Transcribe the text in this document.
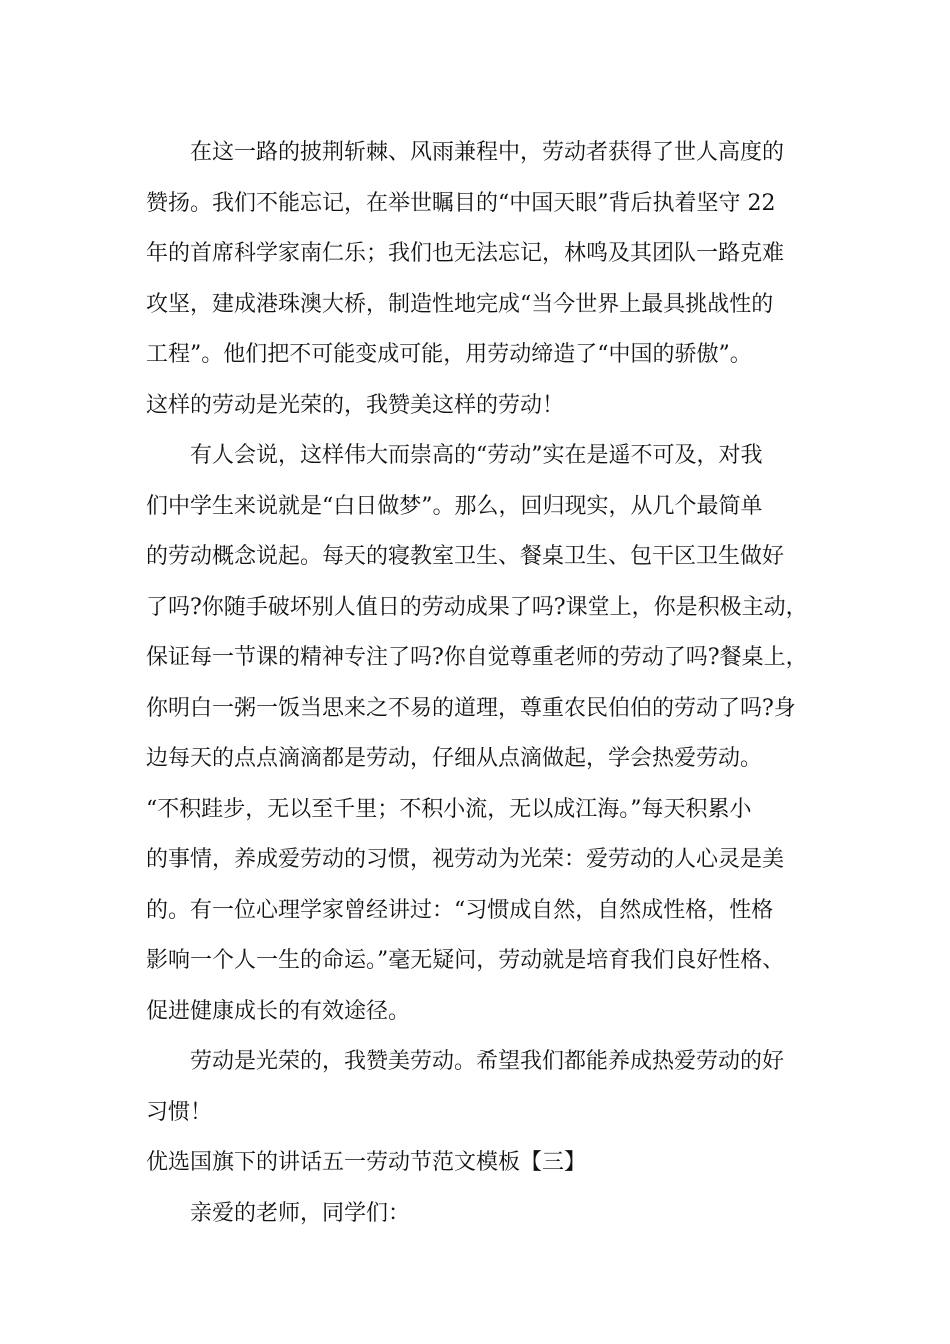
在这一路的披荆斩棘、风雨兼程中，劳动者获得了世人高度的
赞扬。我们不能忘记，在举世瞩目的“中国天眼”背后执着坚守 22
年的首席科学家南仁乐；我们也无法忘记，林鸣及其团队一路克难
攻坚，建成港珠澳大桥，制造性地完成“当今世界上最具挑战性的
工程”。他们把不可能变成可能，用劳动缔造了“中国的骄傲”。
这样的劳动是光荣的，我赞美这样的劳动！
有人会说，这样伟大而崇高的“劳动”实在是遥不可及，对我
们中学生来说就是“白日做梦”。那么，回归现实，从几个最简单
的劳动概念说起。每天的寝教室卫生、餐桌卫生、包干区卫生做好
了吗?你随手破坏别人值日的劳动成果了吗?课堂上，你是积极主动，
保证每一节课的精神专注了吗?你自觉尊重老师的劳动了吗?餐桌上，
你明白一粥一饭当思来之不易的道理，尊重农民伯伯的劳动了吗?身
边每天的点点滴滴都是劳动，仔细从点滴做起，学会热爱劳动。
“不积跬步，无以至千里；不积小流，无以成江海。”每天积累小
的事情，养成爱劳动的习惯，视劳动为光荣：爱劳动的人心灵是美
的。有一位心理学家曾经讲过：“习惯成自然，自然成性格，性格
影响一个人一生的命运。”毫无疑问，劳动就是培育我们良好性格、
促进健康成长的有效途径。
劳动是光荣的，我赞美劳动。希望我们都能养成热爱劳动的好
习惯！
优选国旗下的讲话五一劳动节范文模板【三】
亲爱的老师，同学们：
